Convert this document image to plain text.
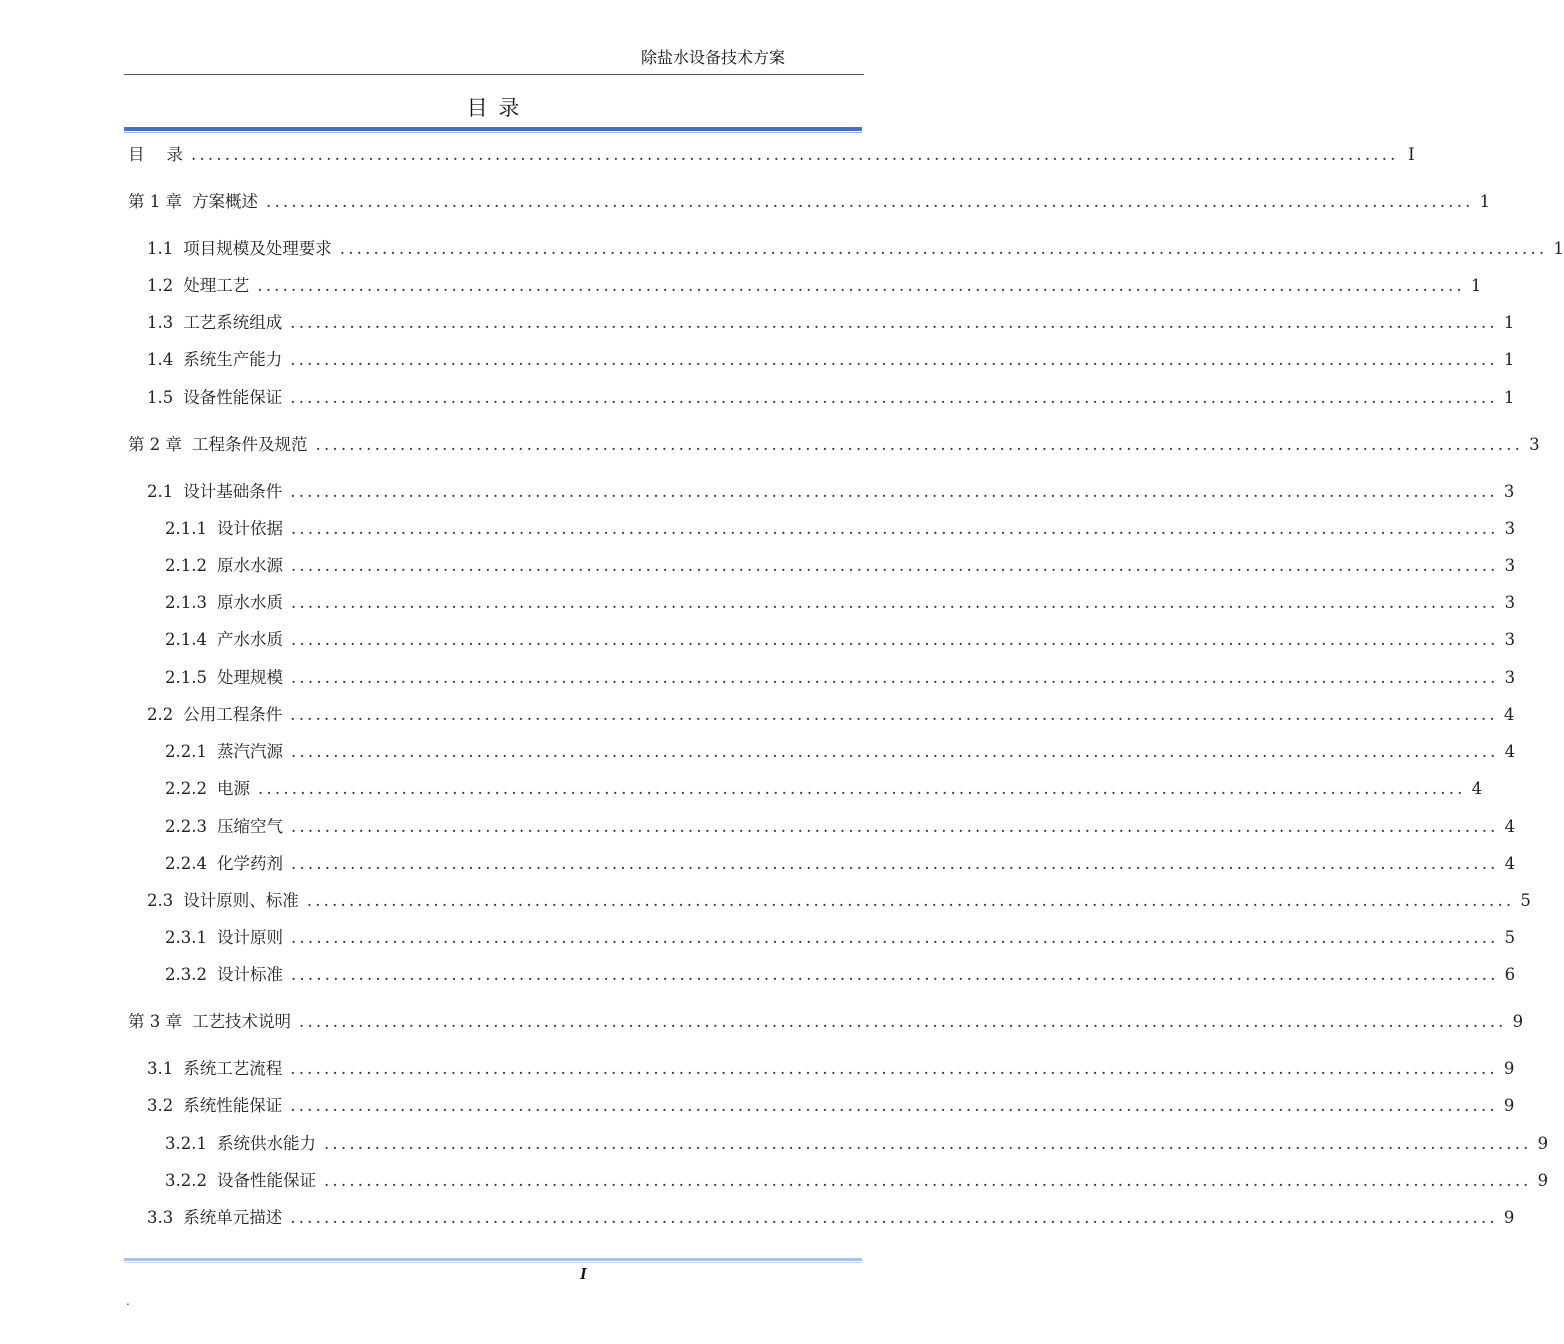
除盐水设备技术方案
目 录
目 录 ............................................................................................................................................... I
第 1 章 方案概述 ............................................................................................................................................... 1
1.1 项目规模及处理要求 ............................................................................................................................................... 1
1.2 处理工艺 ............................................................................................................................................... 1
1.3 工艺系统组成 ............................................................................................................................................... 1
1.4 系统生产能力 ............................................................................................................................................... 1
1.5 设备性能保证 ............................................................................................................................................... 1
第 2 章 工程条件及规范 ............................................................................................................................................... 3
2.1 设计基础条件 ............................................................................................................................................... 3
2.1.1 设计依据 ............................................................................................................................................... 3
2.1.2 原水水源 ............................................................................................................................................... 3
2.1.3 原水水质 ............................................................................................................................................... 3
2.1.4 产水水质 ............................................................................................................................................... 3
2.1.5 处理规模 ............................................................................................................................................... 3
2.2 公用工程条件 ............................................................................................................................................... 4
2.2.1 蒸汽汽源 ............................................................................................................................................... 4
2.2.2 电源 ............................................................................................................................................... 4
2.2.3 压缩空气 ............................................................................................................................................... 4
2.2.4 化学药剂 ............................................................................................................................................... 4
2.3 设计原则、标准 ............................................................................................................................................... 5
2.3.1 设计原则 ............................................................................................................................................... 5
2.3.2 设计标准 ............................................................................................................................................... 6
第 3 章 工艺技术说明 ............................................................................................................................................... 9
3.1 系统工艺流程 ............................................................................................................................................... 9
3.2 系统性能保证 ............................................................................................................................................... 9
3.2.1 系统供水能力 ............................................................................................................................................... 9
3.2.2 设备性能保证 ............................................................................................................................................... 9
3.3 系统单元描述 ............................................................................................................................................... 9
I
.
